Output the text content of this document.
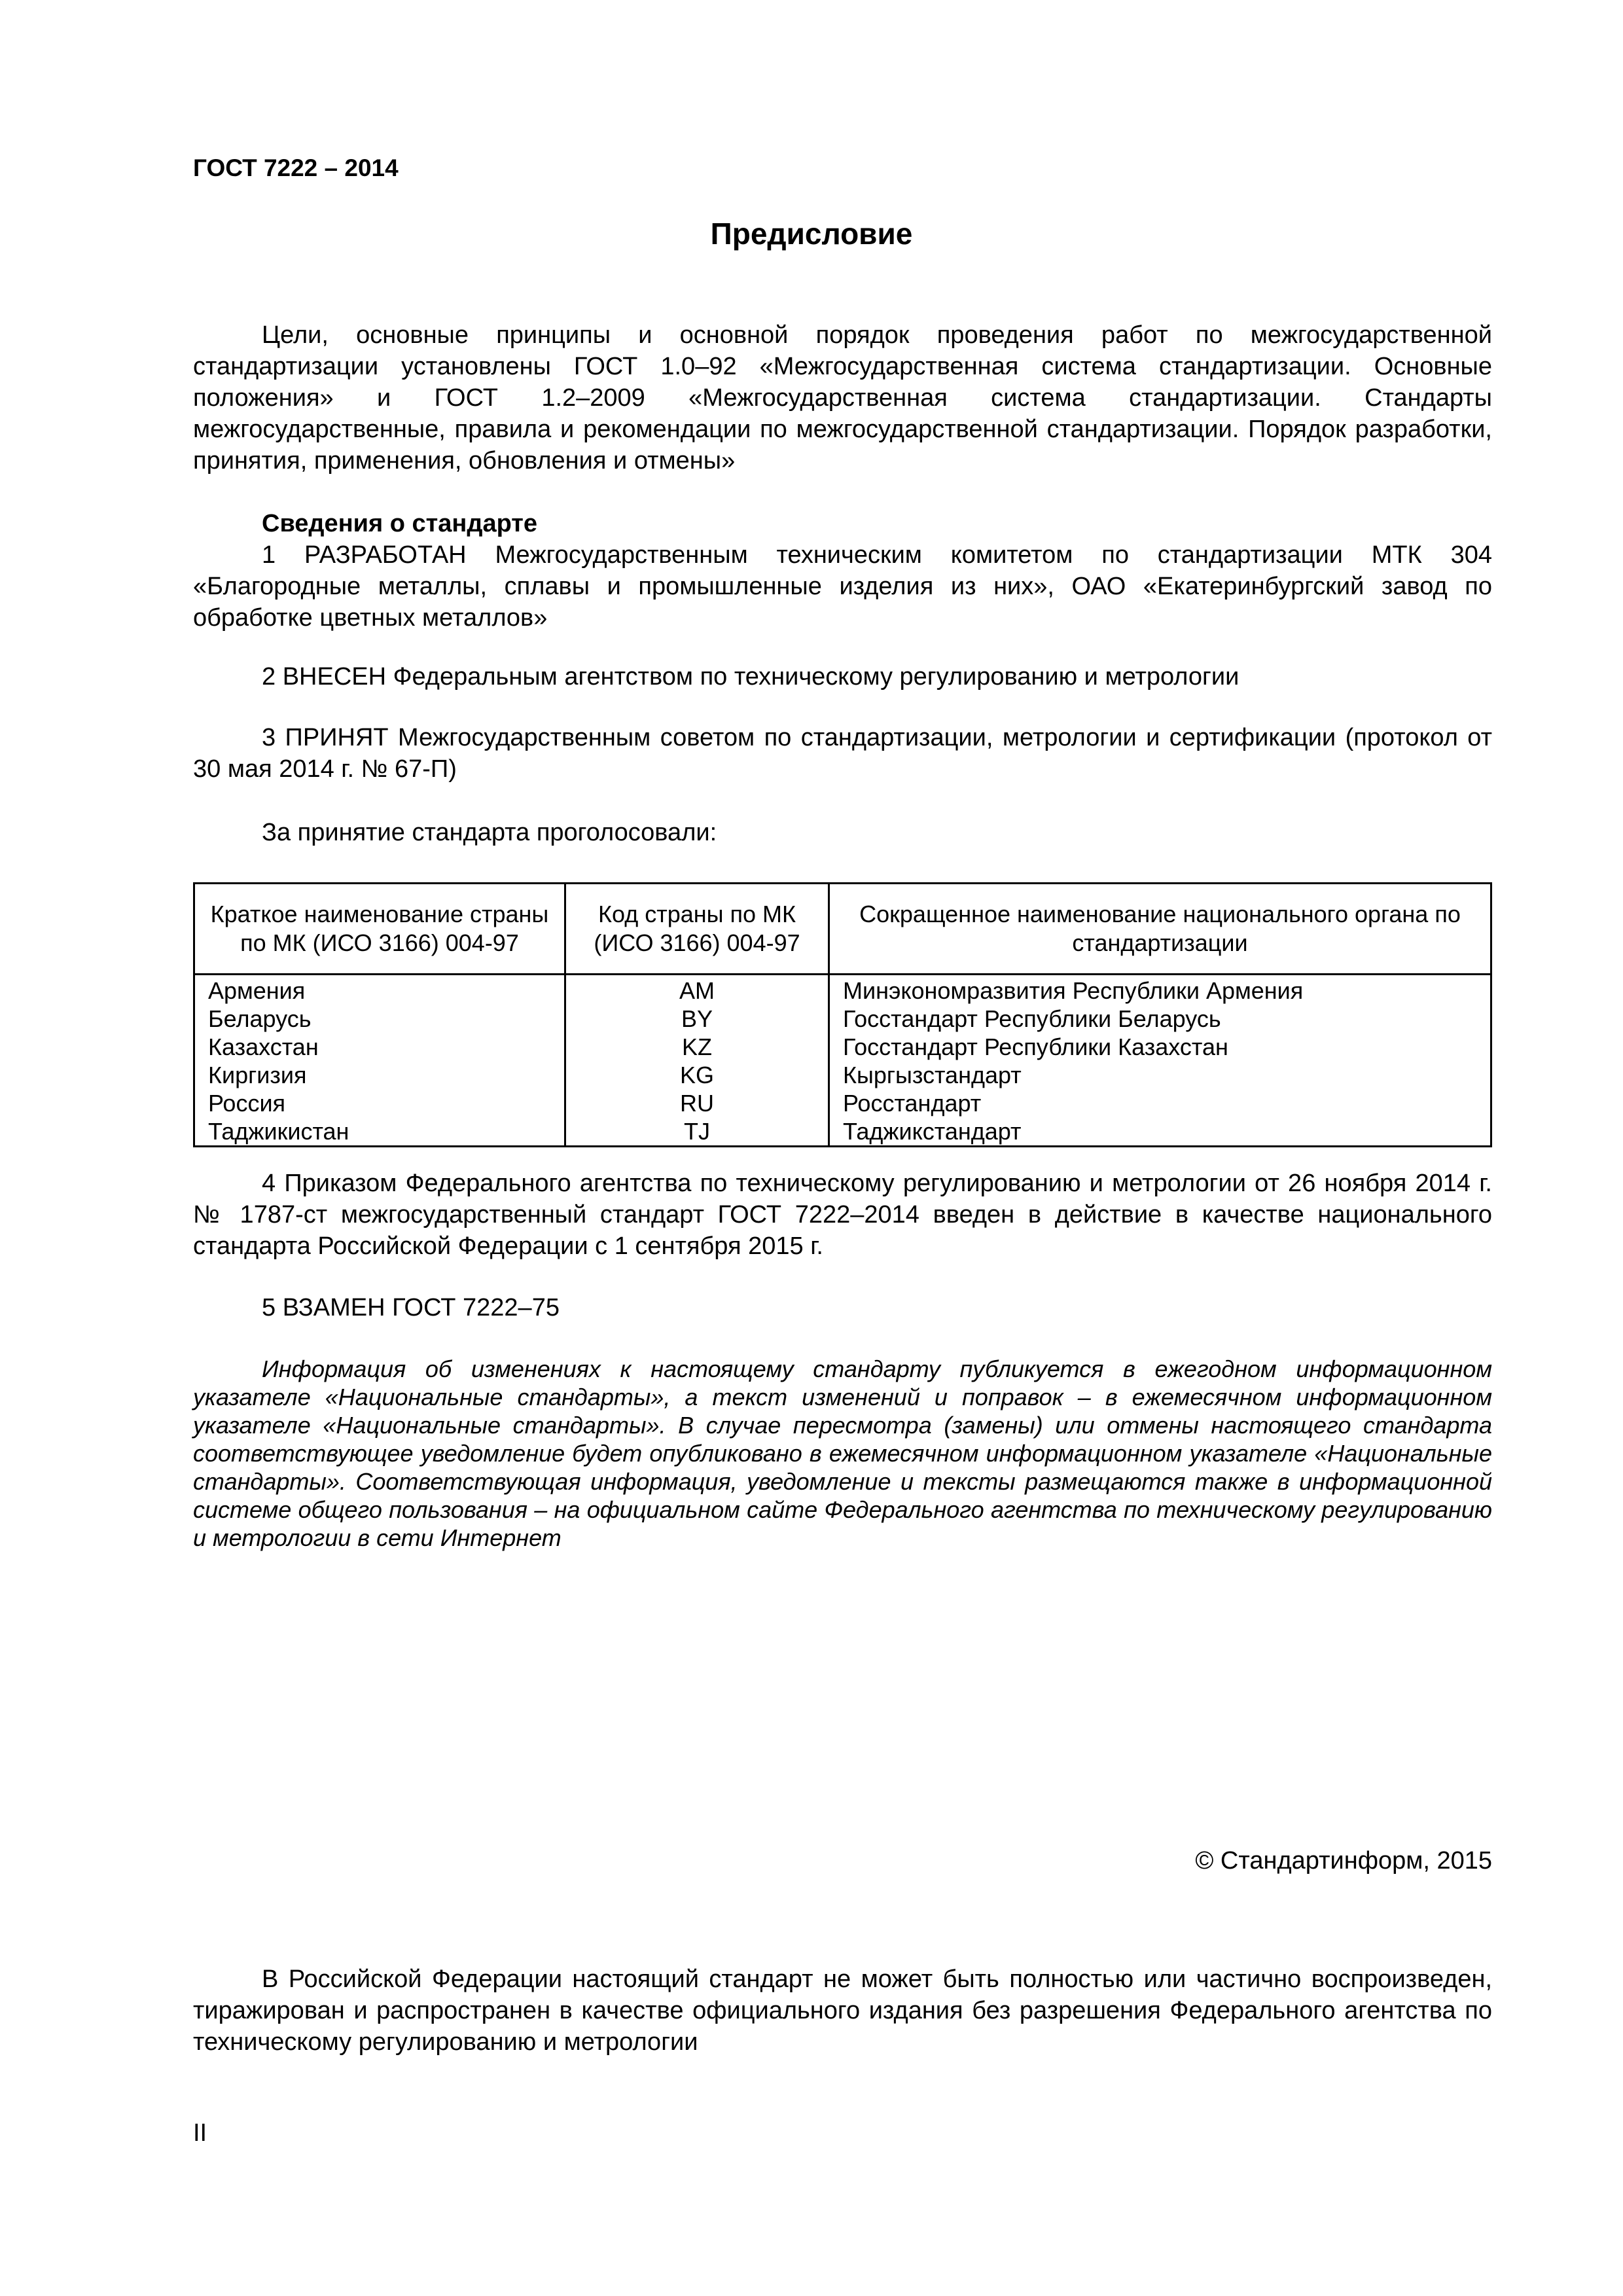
ГОСТ 7222 – 2014
Предисловие
Цели, основные принципы и основной порядок проведения работ по межгосударственной стандартизации установлены ГОСТ 1.0–92 «Межгосударственная система стандартизации. Основные положения» и ГОСТ 1.2–2009 «Межгосударственная система стандартизации. Стандарты межгосударственные, правила и рекомендации по межгосударственной стандартизации. Порядок разработки, принятия, применения, обновления и отмены»
Сведения о стандарте
1 РАЗРАБОТАН Межгосударственным техническим комитетом по стандартизации МТК 304 «Благородные металлы, сплавы и промышленные изделия из них», ОАО «Екатеринбургский завод по обработке цветных металлов»
2 ВНЕСЕН Федеральным агентством по техническому регулированию и метрологии
3 ПРИНЯТ Межгосударственным советом по стандартизации, метрологии и сертификации (протокол от 30 мая 2014 г. № 67-П)
За принятие стандарта проголосовали:
Краткое наименование страны по МК (ИСО 3166) 004-97	Код страны по МК (ИСО 3166) 004-97	Сокращенное наименование национального органа по стандартизации
Армения	AM	Минэкономразвития Республики Армения
Беларусь	BY	Госстандарт Республики Беларусь
Казахстан	KZ	Госстандарт Республики Казахстан
Киргизия	KG	Кыргызстандарт
Россия	RU	Росстандарт
Таджикистан	TJ	Таджикстандарт
4 Приказом Федерального агентства по техническому регулированию и метрологии от 26 ноября 2014 г. № 1787-ст межгосударственный стандарт ГОСТ 7222–2014 введен в действие в качестве национального стандарта Российской Федерации с 1 сентября 2015 г.
5 ВЗАМЕН ГОСТ 7222–75
Информация об изменениях к настоящему стандарту публикуется в ежегодном информационном указателе «Национальные стандарты», а текст изменений и поправок – в ежемесячном информационном указателе «Национальные стандарты». В случае пересмотра (замены) или отмены настоящего стандарта соответствующее уведомление будет опубликовано в ежемесячном информационном указателе «Национальные стандарты». Соответствующая информация, уведомление и тексты размещаются также в информационной системе общего пользования – на официальном сайте Федерального агентства по техническому регулированию и метрологии в сети Интернет
© Стандартинформ, 2015
В Российской Федерации настоящий стандарт не может быть полностью или частично воспроизведен, тиражирован и распространен в качестве официального издания без разрешения Федерального агентства по техническому регулированию и метрологии
II
